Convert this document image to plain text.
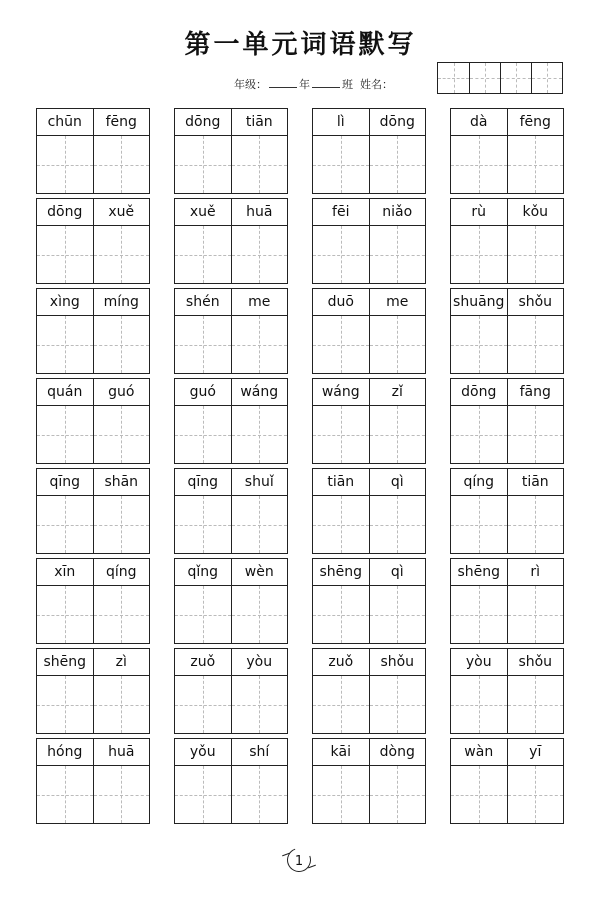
第一单元词语默写
年级：	年	班 姓名：
chūn	fēng	dōng	tiān	lì	dōng	dà	fēng
dōng	xuě	xuě	huā	fēi	niǎo	rù	kǒu
xìng	míng	shén	me	duō	me	shuāng	shǒu
quán	guó	guó	wáng	wáng	zǐ	dōng	fāng
qīng	shān	qīng	shuǐ	tiān	qì	qíng	tiān
xīn	qíng	qǐng	wèn	shēng	qì	shēng	rì
shēng	zì	zuǒ	yòu	zuǒ	shǒu	yòu	shǒu
hóng	huā	yǒu	shí	kāi	dòng	wàn	yī
1
